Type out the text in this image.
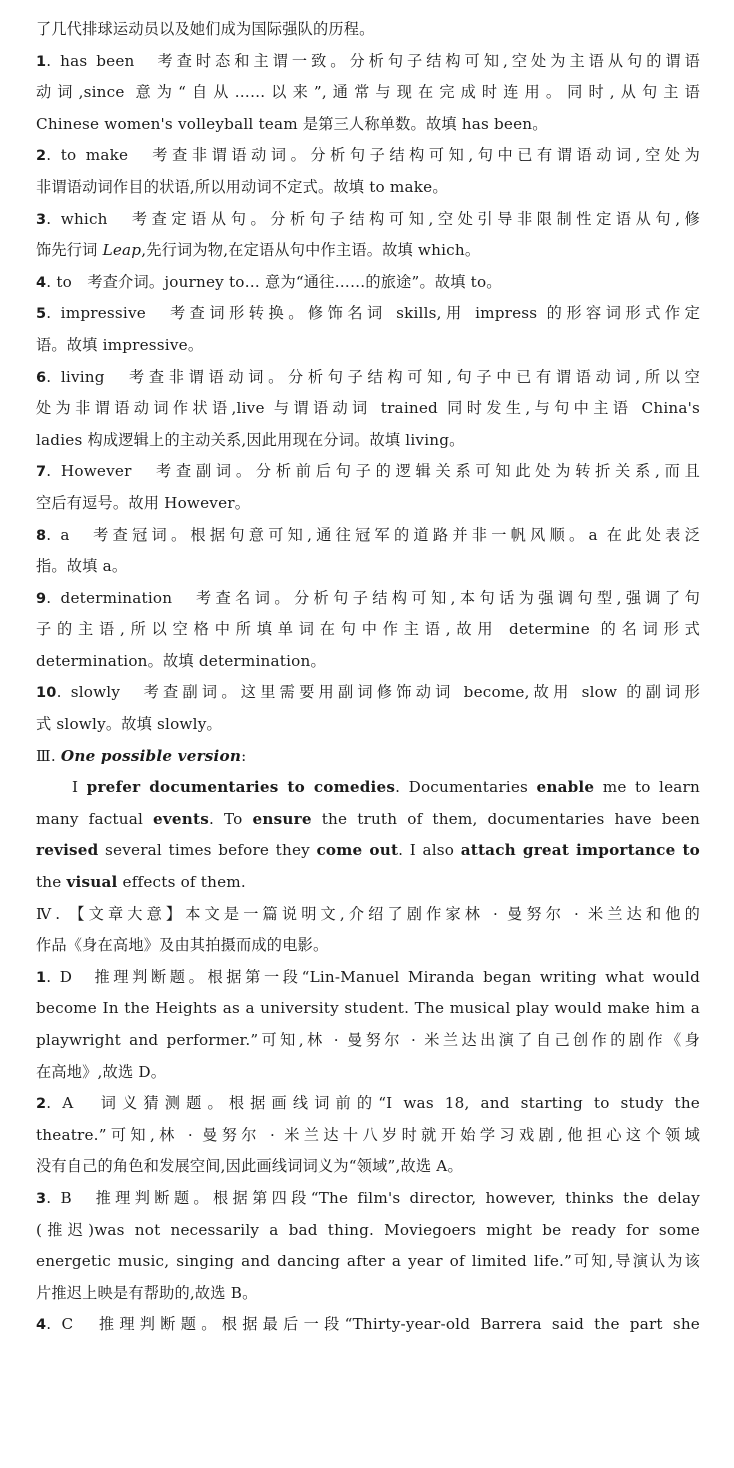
了几代排球运动员以及她们成为国际强队的历程。
1. has been　考查时态和主谓一致。分析句子结构可知,空处为主语从句的谓语
动词,since 意为“自从……以来”,通常与现在完成时连用。同时,从句主语
Chinese women's volleyball team 是第三人称单数。故填 has been。
2. to make　考查非谓语动词。分析句子结构可知,句中已有谓语动词,空处为
非谓语动词作目的状语,所以用动词不定式。故填 to make。
3. which　考查定语从句。分析句子结构可知,空处引导非限制性定语从句,修
饰先行词 Leap,先行词为物,在定语从句中作主语。故填 which。
4. to　考查介词。journey to… 意为“通往……的旅途”。故填 to。
5. impressive　考查词形转换。修饰名词 skills,用 impress 的形容词形式作定
语。故填 impressive。
6. living　考查非谓语动词。分析句子结构可知,句子中已有谓语动词,所以空
处为非谓语动词作状语,live 与谓语动词 trained 同时发生,与句中主语 China's
ladies 构成逻辑上的主动关系,因此用现在分词。故填 living。
7. However　考查副词。分析前后句子的逻辑关系可知此处为转折关系,而且
空后有逗号。故用 However。
8. a　考查冠词。根据句意可知,通往冠军的道路并非一帆风顺。a 在此处表泛
指。故填 a。
9. determination　考查名词。分析句子结构可知,本句话为强调句型,强调了句
子的主语,所以空格中所填单词在句中作主语,故用 determine 的名词形式
determination。故填 determination。
10. slowly　考查副词。这里需要用副词修饰动词 become,故用 slow 的副词形
式 slowly。故填 slowly。
Ⅲ. One possible version:
I prefer documentaries to comedies. Documentaries enable me to learn
many factual events. To ensure the truth of them, documentaries have been
revised several times before they come out. I also attach great importance to
the visual effects of them.
Ⅳ. 【文章大意】本文是一篇说明文,介绍了剧作家林 · 曼努尔 · 米兰达和他的
作品《身在高地》及由其拍摄而成的电影。
1. D　推理判断题。根据第一段“Lin-Manuel Miranda began writing what would
become In the Heights as a university student. The musical play would make him a
playwright and performer.”可知,林 · 曼努尔 · 米兰达出演了自己创作的剧作《身
在高地》,故选 D。
2. A　词义猜测题。根据画线词前的“I was 18, and starting to study the
theatre.”可知,林 · 曼努尔 · 米兰达十八岁时就开始学习戏剧,他担心这个领域
没有自己的角色和发展空间,因此画线词词义为“领域”,故选 A。
3. B　推理判断题。根据第四段“The film's director, however, thinks the delay
(推迟)was not necessarily a bad thing. Moviegoers might be ready for some
energetic music, singing and dancing after a year of limited life.”可知,导演认为该
片推迟上映是有帮助的,故选 B。
4. C　推理判断题。根据最后一段“Thirty-year-old Barrera said the part she
